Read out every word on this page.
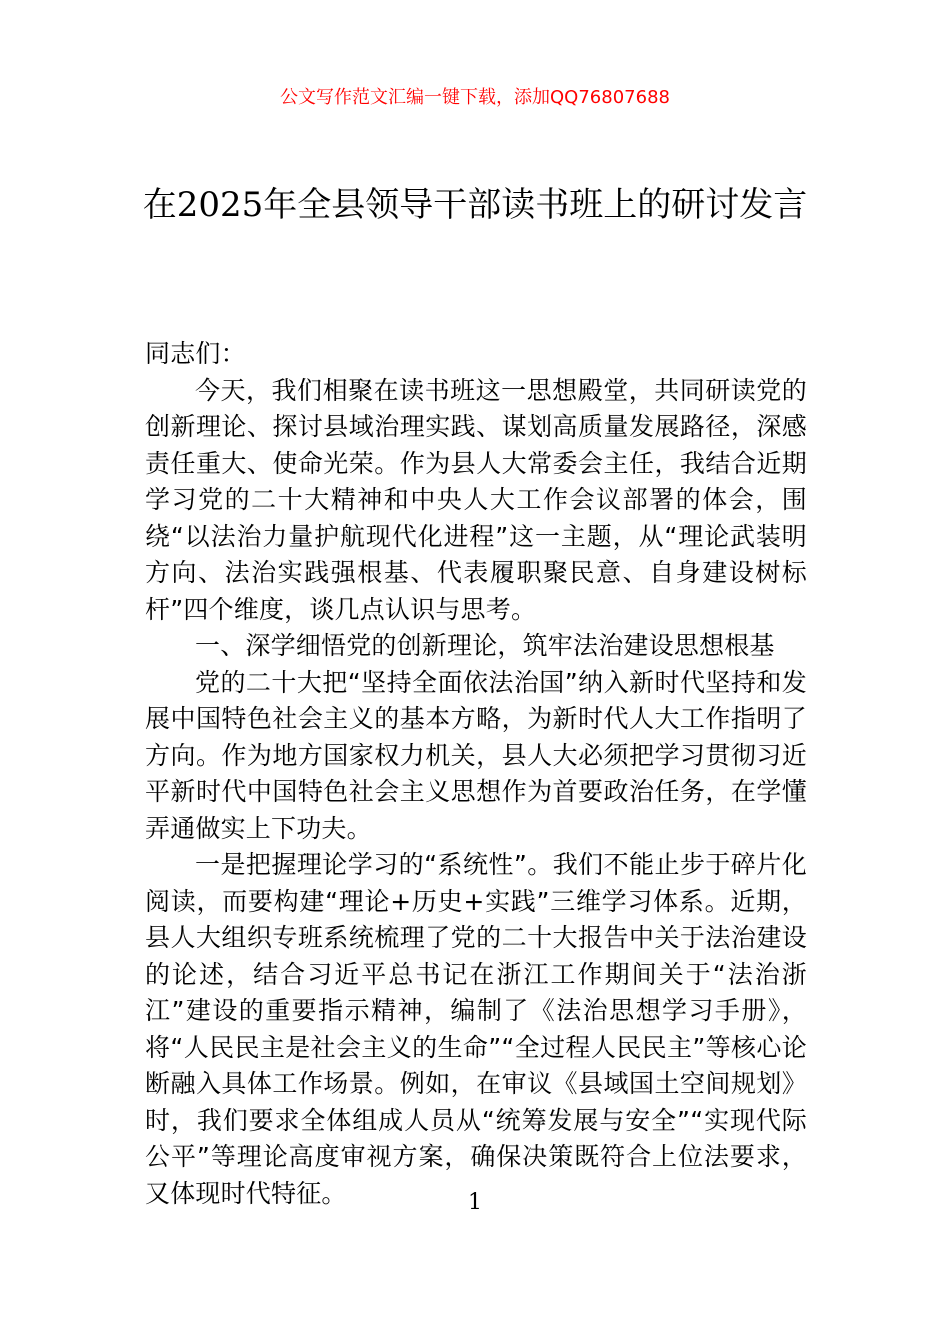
公文写作范文汇编一键下载，添加QQ76807688
在2025年全县领导干部读书班上的研讨发言

同志们：

今天，我们相聚在读书班这一思想殿堂，共同研读党的创新理论、探讨县域治理实践、谋划高质量发展路径，深感责任重大、使命光荣。作为县人大常委会主任，我结合近期学习党的二十大精神和中央人大工作会议部署的体会，围绕“以法治力量护航现代化进程”这一主题，从“理论武装明方向、法治实践强根基、代表履职聚民意、自身建设树标杆”四个维度，谈几点认识与思考。

一、深学细悟党的创新理论，筑牢法治建设思想根基

党的二十大把“坚持全面依法治国”纳入新时代坚持和发展中国特色社会主义的基本方略，为新时代人大工作指明了方向。作为地方国家权力机关，县人大必须把学习贯彻习近平新时代中国特色社会主义思想作为首要政治任务，在学懂弄通做实上下功夫。

一是把握理论学习的“系统性”。我们不能止步于碎片化阅读，而要构建“理论+历史+实践”三维学习体系。近期，县人大组织专班系统梳理了党的二十大报告中关于法治建设的论述，结合习近平总书记在浙江工作期间关于“法治浙江”建设的重要指示精神，编制了《法治思想学习手册》，将“人民民主是社会主义的生命”“全过程人民民主”等核心论断融入具体工作场景。例如，在审议《县域国土空间规划》时，我们要求全体组成人员从“统筹发展与安全”“实现代际公平”等理论高度审视方案，确保决策既符合上位法要求，又体现时代特征。	1
